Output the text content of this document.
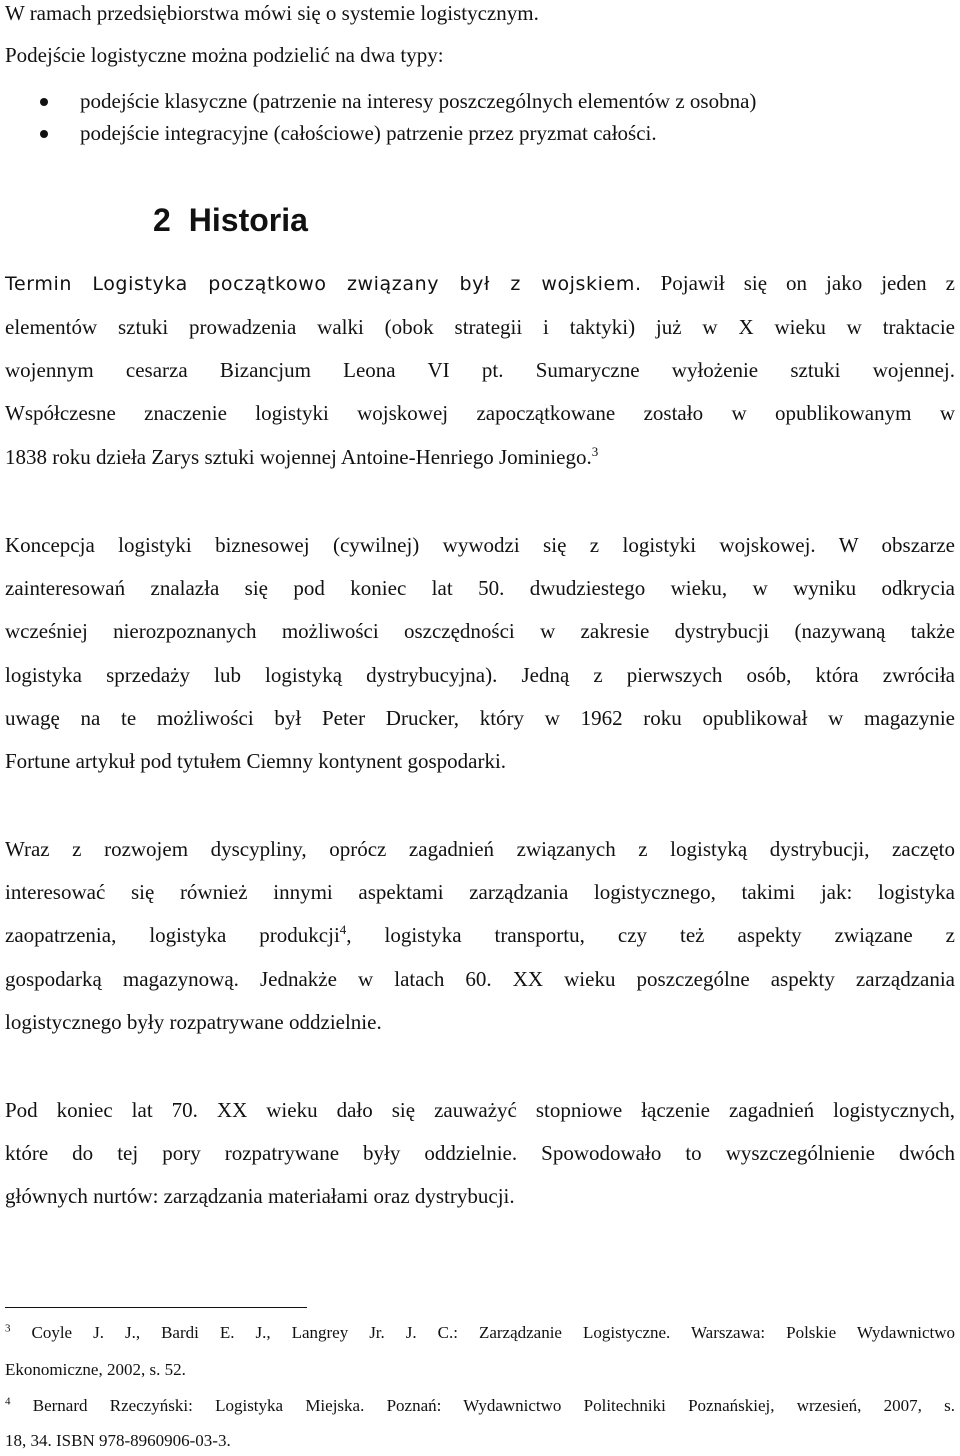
W ramach przedsiębiorstwa mówi się o systemie logistycznym.
Podejście logistyczne można podzielić na dwa typy:
podejście klasyczne (patrzenie na interesy poszczególnych elementów z osobna)
podejście integracyjne (całościowe) patrzenie przez pryzmat całości.
2 Historia
Termin Logistyka początkowo związany był z wojskiem. Pojawił się on jako jeden z
elementów sztuki prowadzenia walki (obok strategii i taktyki) już w X wieku w traktacie
wojennym cesarza Bizancjum Leona VI pt. Sumaryczne wyłożenie sztuki wojennej.
Współczesne znaczenie logistyki wojskowej zapoczątkowane zostało w opublikowanym w
1838 roku dzieła Zarys sztuki wojennej Antoine-Henriego Jominiego.$^3$
Koncepcja logistyki biznesowej (cywilnej) wywodzi się z logistyki wojskowej. W obszarze
zainteresowań znalazła się pod koniec lat 50. dwudziestego wieku, w wyniku odkrycia
wcześniej nierozpoznanych możliwości oszczędności w zakresie dystrybucji (nazywaną także
logistyka sprzedaży lub logistyką dystrybucyjna). Jedną z pierwszych osób, która zwróciła
uwagę na te możliwości był Peter Drucker, który w 1962 roku opublikował w magazynie
Fortune artykuł pod tytułem Ciemny kontynent gospodarki.
Wraz z rozwojem dyscypliny, oprócz zagadnień związanych z logistyką dystrybucji, zaczęto
interesować się również innymi aspektami zarządzania logistycznego, takimi jak: logistyka
zaopatrzenia, logistyka produkcji$^4$, logistyka transportu, czy też aspekty związane z
gospodarką magazynową. Jednakże w latach 60. XX wieku poszczególne aspekty zarządzania
logistycznego były rozpatrywane oddzielnie.
Pod koniec lat 70. XX wieku dało się zauważyć stopniowe łączenie zagadnień logistycznych,
które do tej pory rozpatrywane były oddzielnie. Spowodowało to wyszczególnienie dwóch
głównych nurtów: zarządzania materiałami oraz dystrybucji.
$^3$ Coyle J. J., Bardi E. J., Langrey Jr. J. C.: Zarządzanie Logistyczne. Warszawa: Polskie Wydawnictwo
Ekonomiczne, 2002, s. 52.
$^4$ Bernard Rzeczyński: Logistyka Miejska. Poznań: Wydawnictwo Politechniki Poznańskiej, wrzesień, 2007, s.
18, 34. ISBN 978-8960906-03-3.
